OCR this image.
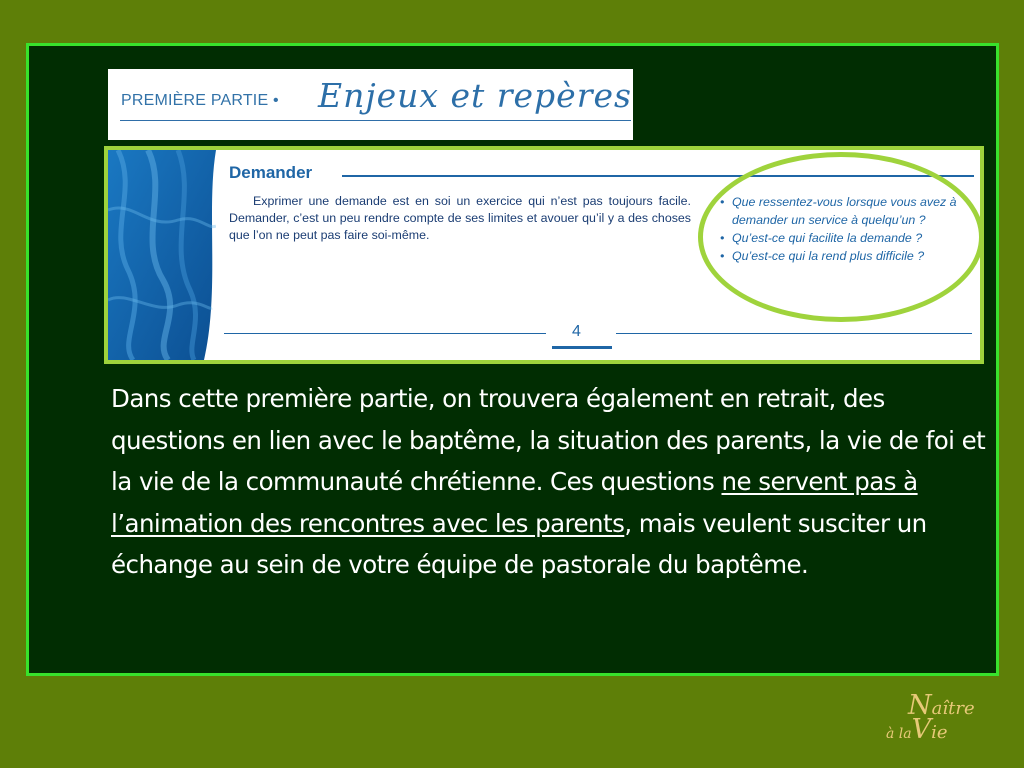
PREMIÈRE PARTIE • Enjeux et repères
Demander

Exprimer une demande est en soi un exercice qui n’est pas toujours facile. Demander, c’est un peu rendre compte de ses limites et avouer qu’il y a des choses que l’on ne peut pas faire soi-même.

• Que ressentez-vous lorsque vous avez à demander un service à quelqu’un ?
• Qu’est-ce qui facilite la demande ?
• Qu’est-ce qui la rend plus difficile ?
4

Dans cette première partie, on trouvera également en retrait, des questions en lien avec le baptême, la situation des parents, la vie de foi et la vie de la communauté chrétienne. Ces questions ne servent pas à l’animation des rencontres avec les parents, mais veulent susciter un échange au sein de votre équipe de pastorale du baptême.

Naître
à laVie
